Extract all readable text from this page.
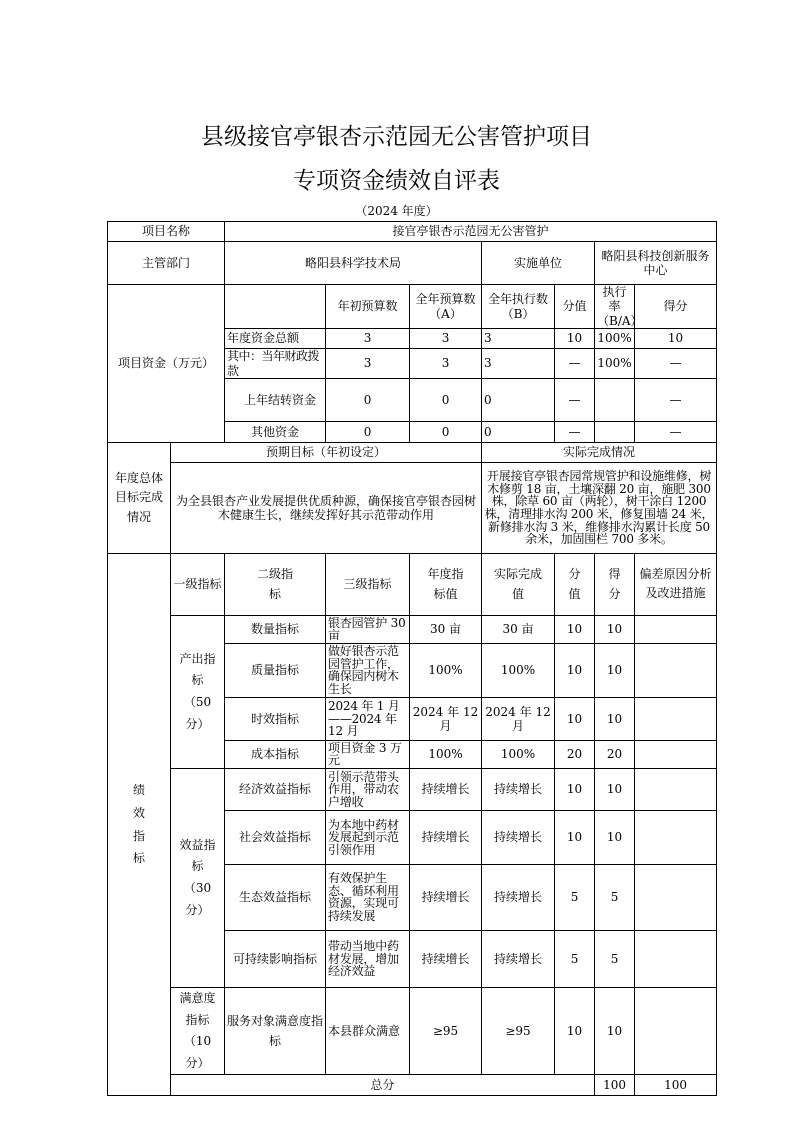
县级接官亭银杏示范园无公害管护项目
专项资金绩效自评表
（2024 年度）
项目名称		接官亭银杏示范园无公害管护							
主管部门		略阳县科学技术局			实施单位		略阳县科技创新服务中心		
项目资金（万元）			年初预算数	全年预算数（A）	全年执行数（B）	分值	执行率（B/A）	得分	
		年度资金总额	3	3	3	10	100%	10	
		其中：当年财政拨款	3	3	3	—	100%	—	
		上年结转资金	0	0	0	—		—	
		其他资金	0	0	0	—		—	
年度总体目标完成情况	预期目标（年初设定）				实际完成情况				
	为全县银杏产业发展提供优质种源，确保接官亭银杏园树木健康生长，继续发挥好其示范带动作用				开展接官亭银杏园常规管护和设施维修，树木修剪 18 亩，土壤深翻 20 亩，施肥 300 株，除草 60 亩（两轮），树干涂白 1200 株，清理排水沟 200 米，修复围墙 24 米，新修排水沟 3 米，维修排水沟累计长度 50 余米，加固围栏 700 多米。				
绩效指标	一级指标	二级指标	三级指标	年度指标值	实际完成值	分值	得分	偏差原因分析及改进措施	
	产出指标（50 分）	数量指标	银杏园管护 30 亩	30 亩	30 亩	10	10		
		质量指标	做好银杏示范园管护工作，确保园内树木生长	100%	100%	10	10		
		时效指标	2024 年 1 月——2024 年 12 月	2024 年 12 月	2024 年 12 月	10	10		
		成本指标	项目资金 3 万元	100%	100%	20	20		
	效益指标（30 分）	经济效益指标	引领示范带头作用，带动农户增收	持续增长	持续增长	10	10		
		社会效益指标	为本地中药材发展起到示范引领作用	持续增长	持续增长	10	10		
		生态效益指标	有效保护生态、循环利用资源，实现可持续发展	持续增长	持续增长	5	5		
		可持续影响指标	带动当地中药材发展，增加经济效益	持续增长	持续增长	5	5		
	满意度指标（10 分）	服务对象满意度指标	本县群众满意	≥95	≥95	10	10		
	总分						100	100	
